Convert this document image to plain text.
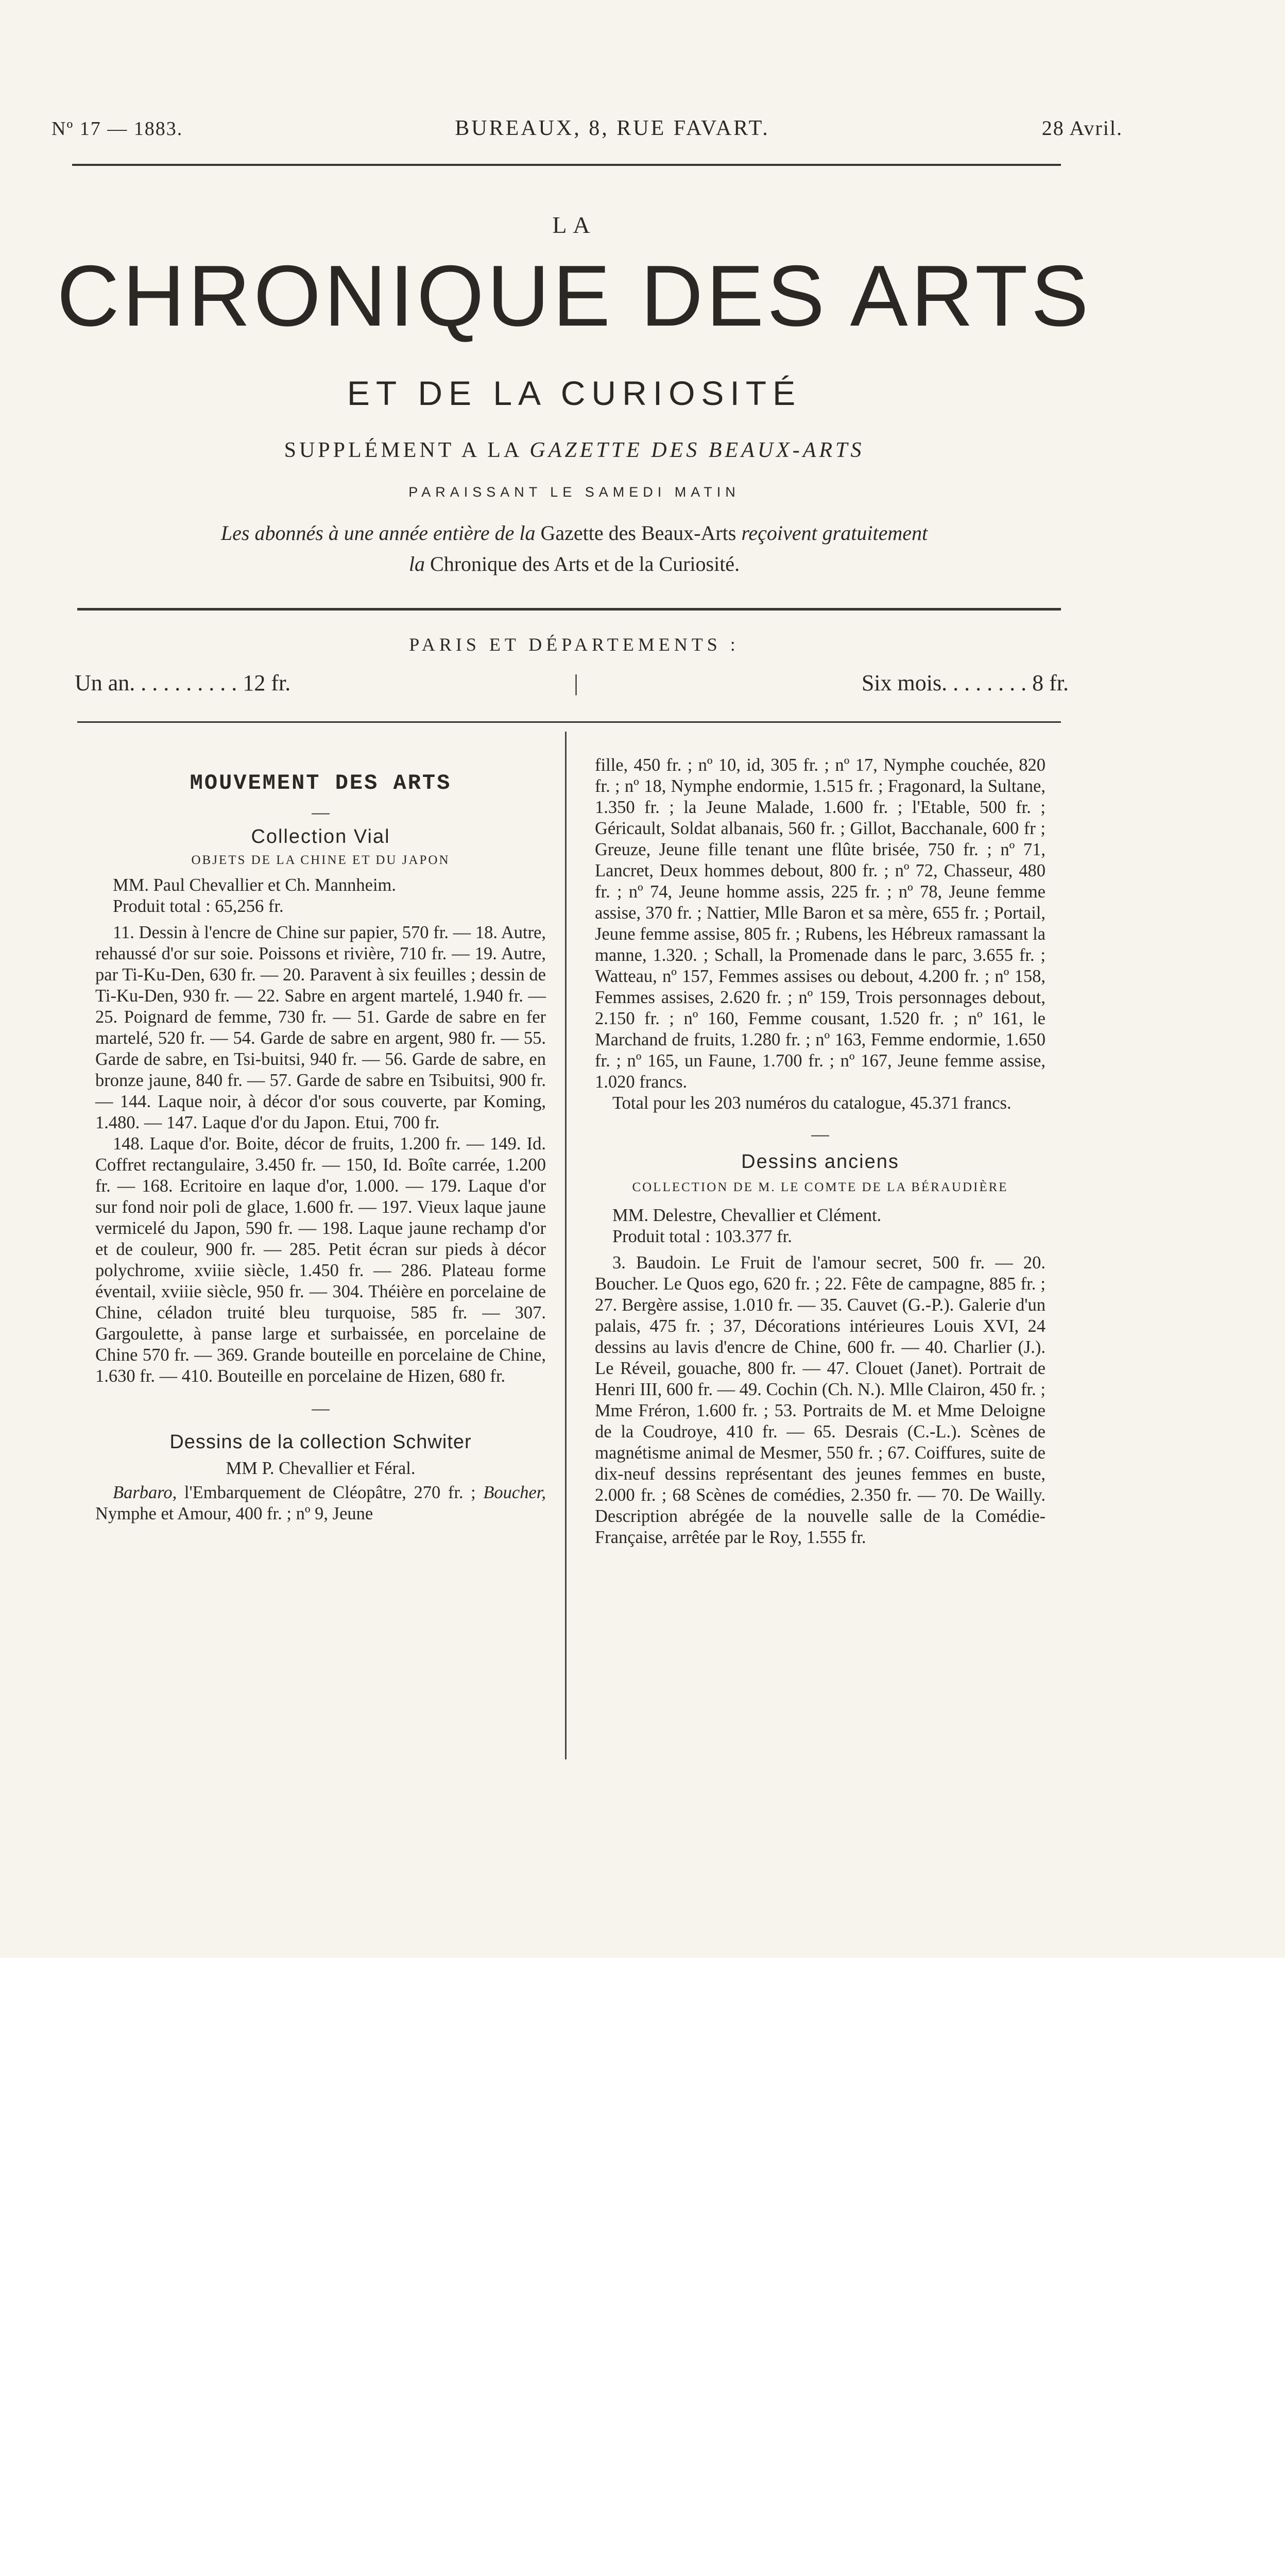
Nº 17 — 1883.	BUREAUX, 8, RUE FAVART.	28 Avril.
LA
CHRONIQUE DES ARTS
ET DE LA CURIOSITÉ
SUPPLÉMENT A LA GAZETTE DES BEAUX-ARTS
PARAISSANT LE SAMEDI MATIN
Les abonnés à une année entière de la Gazette des Beaux-Arts reçoivent gratuitement
la Chronique des Arts et de la Curiosité.
PARIS ET DÉPARTEMENTS :
Un an. . . . . . . . . . 12 fr.	|	Six mois. . . . . . . . 8 fr.

MOUVEMENT DES ARTS

—

Collection Vial

OBJETS DE LA CHINE ET DU JAPON

MM. Paul Chevallier et Ch. Mannheim.

Produit total : 65,256 fr.

11. Dessin à l'encre de Chine sur papier, 570 fr. — 18. Autre, rehaussé d'or sur soie. Poissons et rivière, 710 fr. — 19. Autre, par Ti-Ku-Den, 630 fr. — 20. Paravent à six feuilles ; dessin de Ti-Ku-Den, 930 fr. — 22. Sabre en argent martelé, 1.940 fr. — 25. Poignard de femme, 730 fr. — 51. Garde de sabre en fer martelé, 520 fr. — 54. Garde de sabre en argent, 980 fr. — 55. Garde de sabre, en Tsi-buitsi, 940 fr. — 56. Garde de sabre, en bronze jaune, 840 fr. — 57. Garde de sabre en Tsibuitsi, 900 fr. — 144. Laque noir, à décor d'or sous couverte, par Koming, 1.480. — 147. Laque d'or du Japon. Etui, 700 fr.

148. Laque d'or. Boite, décor de fruits, 1.200 fr. — 149. Id. Coffret rectangulaire, 3.450 fr. — 150, Id. Boîte carrée, 1.200 fr. — 168. Ecritoire en laque d'or, 1.000. — 179. Laque d'or sur fond noir poli de glace, 1.600 fr. — 197. Vieux laque jaune vermicelé du Japon, 590 fr. — 198. Laque jaune rechamp d'or et de couleur, 900 fr. — 285. Petit écran sur pieds à décor polychrome, xviiie siècle, 1.450 fr. — 286. Plateau forme éventail, xviiie siècle, 950 fr. — 304. Théière en porcelaine de Chine, céladon truité bleu turquoise, 585 fr. — 307. Gargoulette, à panse large et surbaissée, en porcelaine de Chine 570 fr. — 369. Grande bouteille en porcelaine de Chine, 1.630 fr. — 410. Bouteille en porcelaine de Hizen, 680 fr.

—

Dessins de la collection Schwiter

MM P. Chevallier et Féral.

Barbaro, l'Embarquement de Cléopâtre, 270 fr. ; Boucher, Nymphe et Amour, 400 fr. ; nº 9, Jeune

fille, 450 fr. ; nº 10, id, 305 fr. ; nº 17, Nymphe couchée, 820 fr. ; nº 18, Nymphe endormie, 1.515 fr. ; Fragonard, la Sultane, 1.350 fr. ; la Jeune Malade, 1.600 fr. ; l'Etable, 500 fr. ; Géricault, Soldat albanais, 560 fr. ; Gillot, Bacchanale, 600 fr ; Greuze, Jeune fille tenant une flûte brisée, 750 fr. ; nº 71, Lancret, Deux hommes debout, 800 fr. ; nº 72, Chasseur, 480 fr. ; nº 74, Jeune homme assis, 225 fr. ; nº 78, Jeune femme assise, 370 fr. ; Nattier, Mlle Baron et sa mère, 655 fr. ; Portail, Jeune femme assise, 805 fr. ; Rubens, les Hébreux ramassant la manne, 1.320. ; Schall, la Promenade dans le parc, 3.655 fr. ; Watteau, nº 157, Femmes assises ou debout, 4.200 fr. ; nº 158, Femmes assises, 2.620 fr. ; nº 159, Trois personnages debout, 2.150 fr. ; nº 160, Femme cousant, 1.520 fr. ; nº 161, le Marchand de fruits, 1.280 fr. ; nº 163, Femme endormie, 1.650 fr. ; nº 165, un Faune, 1.700 fr. ; nº 167, Jeune femme assise, 1.020 francs.

Total pour les 203 numéros du catalogue, 45.371 francs.

—

Dessins anciens

COLLECTION DE M. LE COMTE DE LA BÉRAUDIÈRE

MM. Delestre, Chevallier et Clément.

Produit total : 103.377 fr.

3. Baudoin. Le Fruit de l'amour secret, 500 fr. — 20. Boucher. Le Quos ego, 620 fr. ; 22. Fête de campagne, 885 fr. ; 27. Bergère assise, 1.010 fr. — 35. Cauvet (G.-P.). Galerie d'un palais, 475 fr. ; 37, Décorations intérieures Louis XVI, 24 dessins au lavis d'encre de Chine, 600 fr. — 40. Charlier (J.). Le Réveil, gouache, 800 fr. — 47. Clouet (Janet). Portrait de Henri III, 600 fr. — 49. Cochin (Ch. N.). Mlle Clairon, 450 fr. ; Mme Fréron, 1.600 fr. ; 53. Portraits de M. et Mme Deloigne de la Coudroye, 410 fr. — 65. Desrais (C.-L.). Scènes de magnétisme animal de Mesmer, 550 fr. ; 67. Coiffures, suite de dix-neuf dessins représentant des jeunes femmes en buste, 2.000 fr. ; 68 Scènes de comédies, 2.350 fr. — 70. De Wailly. Description abrégée de la nouvelle salle de la Comédie-Française, arrêtée par le Roy, 1.555 fr.
